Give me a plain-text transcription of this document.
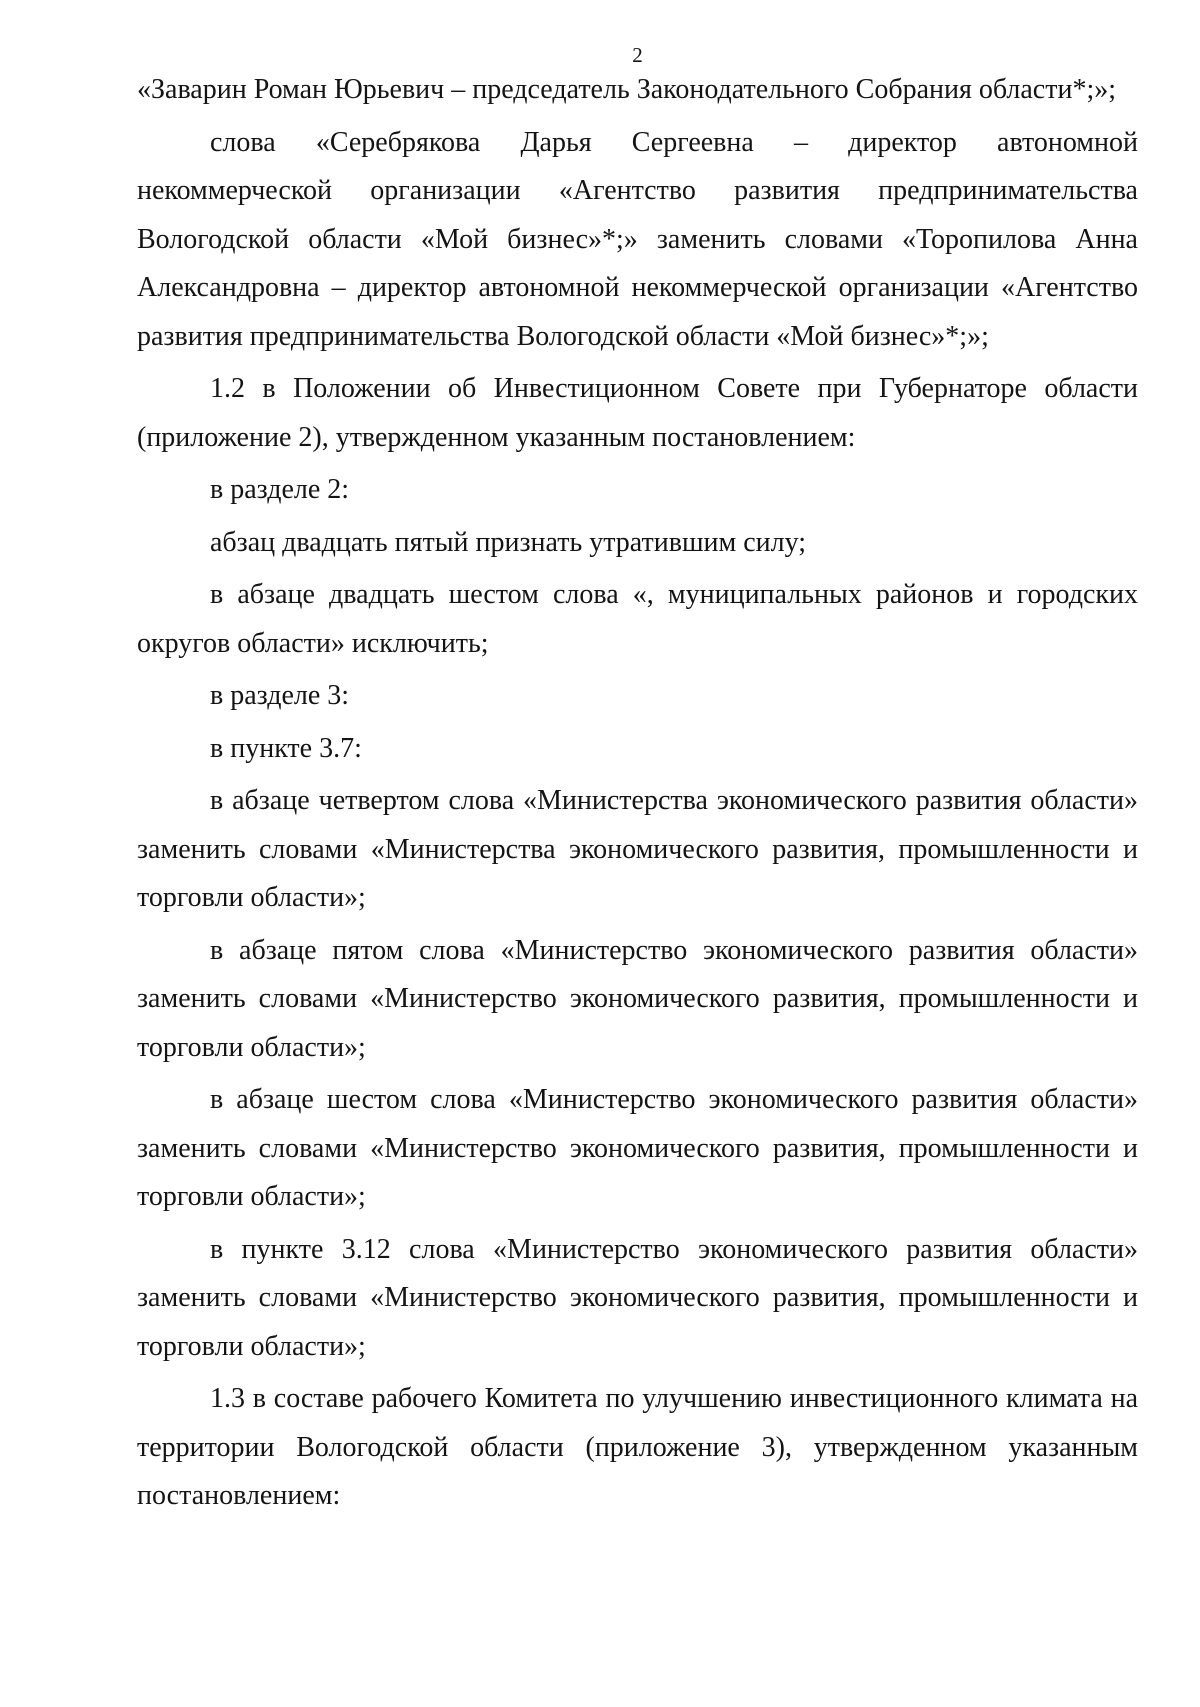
2

«Заварин Роман Юрьевич – председатель Законодательного Собрания области*;»;

слова «Серебрякова Дарья Сергеевна – директор автономной некоммерческой организации «Агентство развития предпринимательства Вологодской области «Мой бизнес»*;» заменить словами «Торопилова Анна Александровна – директор автономной некоммерческой организации «Агентство развития предпринимательства Вологодской области «Мой бизнес»*;»;

1.2 в Положении об Инвестиционном Совете при Губернаторе области (приложение 2), утвержденном указанным постановлением:

в разделе 2:

абзац двадцать пятый признать утратившим силу;

в абзаце двадцать шестом слова «, муниципальных районов и городских округов области» исключить;

в разделе 3:

в пункте 3.7:

в абзаце четвертом слова «Министерства экономического развития области» заменить словами «Министерства экономического развития, промышленности и торговли области»;

в абзаце пятом слова «Министерство экономического развития области» заменить словами «Министерство экономического развития, промышленности и торговли области»;

в абзаце шестом слова «Министерство экономического развития области» заменить словами «Министерство экономического развития, промышленности и торговли области»;

в пункте 3.12 слова «Министерство экономического развития области» заменить словами «Министерство экономического развития, промышленности и торговли области»;

1.3 в составе рабочего Комитета по улучшению инвестиционного климата на территории Вологодской области (приложение 3), утвержденном указанным постановлением:
